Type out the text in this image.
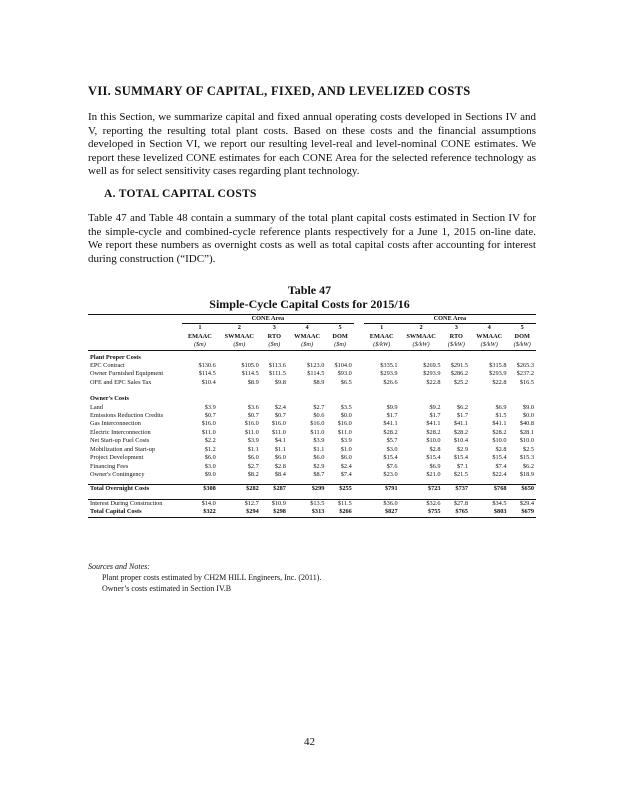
VII. SUMMARY OF CAPITAL, FIXED, AND LEVELIZED COSTS
In this Section, we summarize capital and fixed annual operating costs developed in Sections IV and V, reporting the resulting total plant costs. Based on these costs and the financial assumptions developed in Section VI, we report our resulting level-real and level-nominal CONE estimates. We report these levelized CONE estimates for each CONE Area for the selected reference technology as well as for select sensitivity cases regarding plant technology.
A. TOTAL CAPITAL COSTS
Table 47 and Table 48 contain a summary of the total plant capital costs estimated in Section IV for the simple-cycle and combined-cycle reference plants respectively for a June 1, 2015 on-line date. We report these numbers as overnight costs as well as total capital costs after accounting for interest during construction (“IDC”).
Table 47
Simple-Cycle Capital Costs for 2015/16
	CONE Area						CONE Area				
	1	2	3	4	5		1	2	3	4	5
	EMAAC	SWMAAC	RTO	WMAAC	DOM		EMAAC	SWMAAC	RTO	WMAAC	DOM
	($m)	($m)	($m)	($m)	($m)		($/kW)	($/kW)	($/kW)	($/kW)	($/kW)
Plant Proper Costs											
EPC Contract	$130.6	$105.0	$113.6	$123.0	$104.0		$335.1	$269.5	$291.5	$315.8	$265.3
Owner Furnished Equipment	$114.5	$114.5	$111.5	$114.5	$93.0		$293.9	$293.9	$286.2	$293.9	$237.2
OFE and EPC Sales Tax	$10.4	$8.9	$9.8	$8.9	$6.5		$26.6	$22.8	$25.2	$22.8	$16.5

Owner's Costs											
Land	$3.9	$3.6	$2.4	$2.7	$3.5		$9.9	$9.2	$6.2	$6.9	$9.0
Emissions Reduction Credits	$0.7	$0.7	$0.7	$0.6	$0.0		$1.7	$1.7	$1.7	$1.5	$0.0
Gas Interconnection	$16.0	$16.0	$16.0	$16.0	$16.0		$41.1	$41.1	$41.1	$41.1	$40.8
Electric Interconnection	$11.0	$11.0	$11.0	$11.0	$11.0		$28.2	$28.2	$28.2	$28.2	$28.1
Net Start-up Fuel Costs	$2.2	$3.9	$4.1	$3.9	$3.9		$5.7	$10.0	$10.4	$10.0	$10.0
Mobilization and Start-up	$1.2	$1.1	$1.1	$1.1	$1.0		$3.0	$2.8	$2.9	$2.8	$2.5
Project Development	$6.0	$6.0	$6.0	$6.0	$6.0		$15.4	$15.4	$15.4	$15.4	$15.3
Financing Fees	$3.0	$2.7	$2.8	$2.9	$2.4		$7.6	$6.9	$7.1	$7.4	$6.2
Owner's Contingency	$9.0	$8.2	$8.4	$8.7	$7.4		$23.0	$21.0	$21.5	$22.4	$18.9

Total Overnight Costs	$308	$282	$287	$299	$255		$791	$723	$737	$768	$650

Interest During Construction	$14.0	$12.7	$10.9	$13.5	$11.5		$36.0	$32.6	$27.8	$34.5	$29.4
Total Capital Costs	$322	$294	$298	$313	$266		$827	$755	$765	$803	$679
Sources and Notes:
Plant proper costs estimated by CH2M HILL Engineers, Inc. (2011).
Owner’s costs estimated in Section IV.B
42
